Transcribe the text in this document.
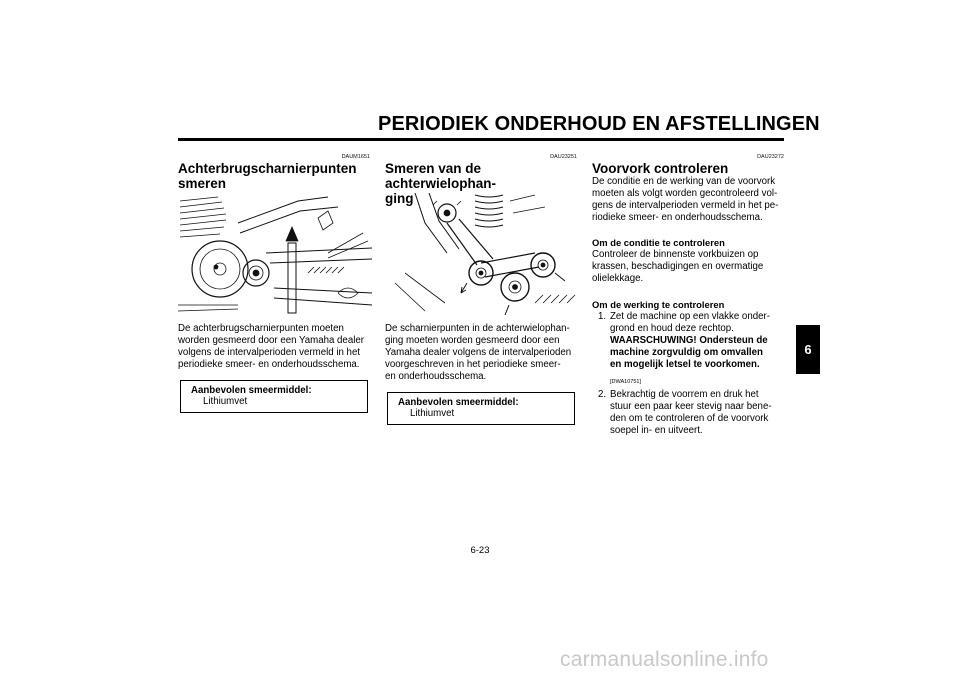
PERIODIEK ONDERHOUD EN AFSTELLINGEN
6
DAUM1651
Achterbrugscharnierpunten
smeren

De achterbrugscharnierpunten moeten

worden gesmeerd door een Yamaha dealer

volgens de intervalperioden vermeld in het

periodieke smeer- en onderhoudsschema.

Aanbevolen smeermiddel:
Lithiumvet
DAU23251
Smeren van de achterwielophan-
ging

De scharnierpunten in de achterwielophan-

ging moeten worden gesmeerd door een

Yamaha dealer volgens de intervalperioden

voorgeschreven in het periodieke smeer-

en onderhoudsschema.

Aanbevolen smeermiddel:
Lithiumvet
DAU23272
Voorvork controleren

De conditie en de werking van de voorvork

moeten als volgt worden gecontroleerd vol-

gens de intervalperioden vermeld in het pe-

riodieke smeer- en onderhoudsschema.

Om de conditie te controleren

Controleer de binnenste vorkbuizen op

krassen, beschadigingen en overmatige

olielekkage.

Om de werking te controleren
1. Zet de machine op een vlakke onder-
grond en houd deze rechtop.
WAARSCHUWING! Ondersteun de
machine zorgvuldig om omvallen
en mogelijk letsel te voorkomen.
[DWA10751]
2. Bekrachtig de voorrem en druk het
stuur een paar keer stevig naar bene-
den om te controleren of de voorvork
soepel in- en uitveert.
6-23
carmanualsonline.info
